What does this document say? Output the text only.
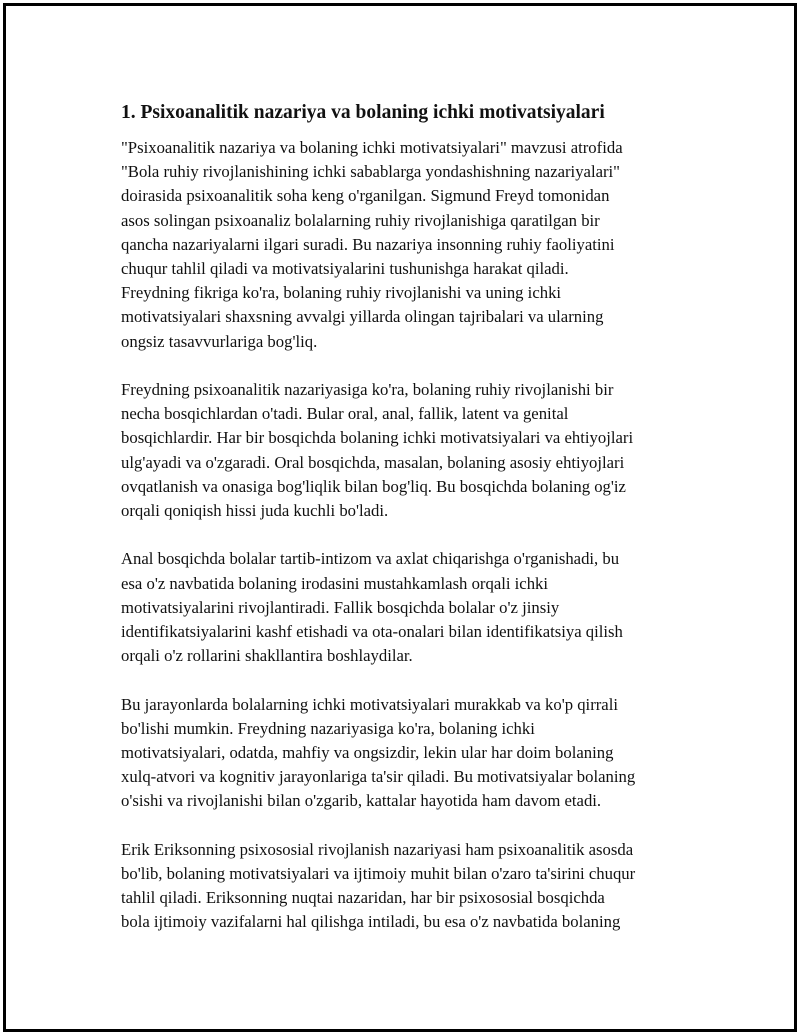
1. Psixoanalitik nazariya va bolaning ichki motivatsiyalari

"Psixoanalitik nazariya va bolaning ichki motivatsiyalari" mavzusi atrofida
"Bola ruhiy rivojlanishining ichki sabablarga yondashishning nazariyalari"
doirasida psixoanalitik soha keng o'rganilgan. Sigmund Freyd tomonidan
asos solingan psixoanaliz bolalarning ruhiy rivojlanishiga qaratilgan bir
qancha nazariyalarni ilgari suradi. Bu nazariya insonning ruhiy faoliyatini
chuqur tahlil qiladi va motivatsiyalarini tushunishga harakat qiladi.
Freydning fikriga ko'ra, bolaning ruhiy rivojlanishi va uning ichki
motivatsiyalari shaxsning avvalgi yillarda olingan tajribalari va ularning
ongsiz tasavvurlariga bog'liq.

Freydning psixoanalitik nazariyasiga ko'ra, bolaning ruhiy rivojlanishi bir
necha bosqichlardan o'tadi. Bular oral, anal, fallik, latent va genital
bosqichlardir. Har bir bosqichda bolaning ichki motivatsiyalari va ehtiyojlari
ulg'ayadi va o'zgaradi. Oral bosqichda, masalan, bolaning asosiy ehtiyojlari
ovqatlanish va onasiga bog'liqlik bilan bog'liq. Bu bosqichda bolaning og'iz
orqali qoniqish hissi juda kuchli bo'ladi.

Anal bosqichda bolalar tartib-intizom va axlat chiqarishga o'rganishadi, bu
esa o'z navbatida bolaning irodasini mustahkamlash orqali ichki
motivatsiyalarini rivojlantiradi. Fallik bosqichda bolalar o'z jinsiy
identifikatsiyalarini kashf etishadi va ota-onalari bilan identifikatsiya qilish
orqali o'z rollarini shakllantira boshlaydilar.

Bu jarayonlarda bolalarning ichki motivatsiyalari murakkab va ko'p qirrali
bo'lishi mumkin. Freydning nazariyasiga ko'ra, bolaning ichki
motivatsiyalari, odatda, mahfiy va ongsizdir, lekin ular har doim bolaning
xulq-atvori va kognitiv jarayonlariga ta'sir qiladi. Bu motivatsiyalar bolaning
o'sishi va rivojlanishi bilan o'zgarib, kattalar hayotida ham davom etadi.

Erik Eriksonning psixososial rivojlanish nazariyasi ham psixoanalitik asosda
bo'lib, bolaning motivatsiyalari va ijtimoiy muhit bilan o'zaro ta'sirini chuqur
tahlil qiladi. Eriksonning nuqtai nazaridan, har bir psixososial bosqichda
bola ijtimoiy vazifalarni hal qilishga intiladi, bu esa o'z navbatida bolaning
